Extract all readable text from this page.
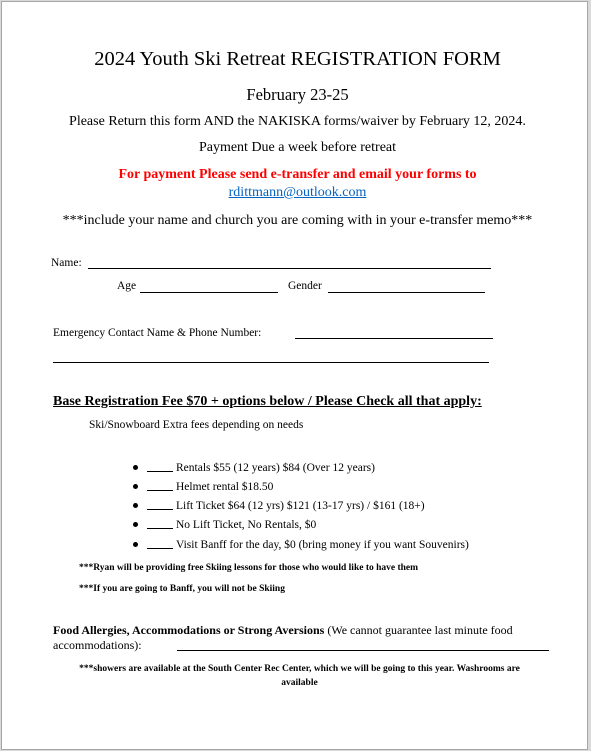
2024 Youth Ski Retreat REGISTRATION FORM
February 23-25
Please Return this form AND the NAKISKA forms/waiver by February 12, 2024.
Payment Due a week before retreat
For payment Please send e-transfer and email your forms to
rdittmann@outlook.com
***include your name and church you are coming with in your e-transfer memo***
Name:
Age	Gender
Emergency Contact Name & Phone Number:
Base Registration Fee $70 + options below / Please Check all that apply:
Ski/Snowboard Extra fees depending on needs
Rentals $55 (12 years) $84 (Over 12 years)
Helmet rental $18.50
Lift Ticket $64 (12 yrs) $121 (13-17 yrs) / $161 (18+)
No Lift Ticket, No Rentals, $0
Visit Banff for the day, $0 (bring money if you want Souvenirs)
***Ryan will be providing free Skiing lessons for those who would like to have them
***If you are going to Banff, you will not be Skiing
Food Allergies, Accommodations or Strong Aversions (We cannot guarantee last minute food accommodations):
***showers are available at the South Center Rec Center, which we will be going to this year. Washrooms are available
